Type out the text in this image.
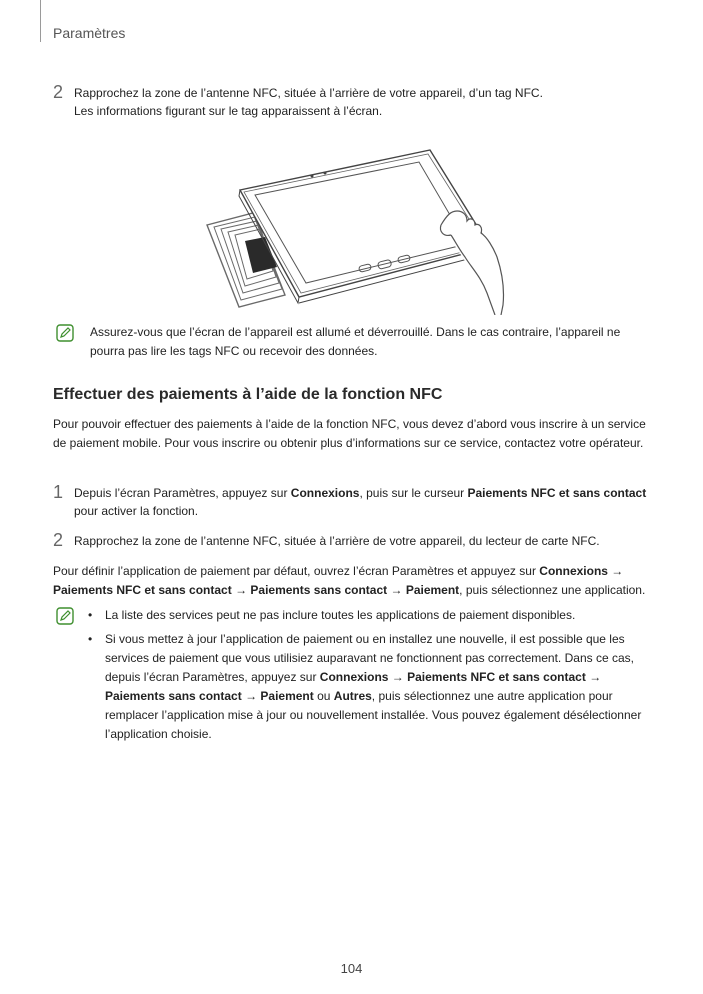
Paramètres
2 Rapprochez la zone de l’antenne NFC, située à l’arrière de votre appareil, d’un tag NFC.
Les informations figurant sur le tag apparaissent à l’écran.
Assurez-vous que l’écran de l’appareil est allumé et déverrouillé. Dans le cas contraire, l’appareil ne pourra pas lire les tags NFC ou recevoir des données.
Effectuer des paiements à l’aide de la fonction NFC
Pour pouvoir effectuer des paiements à l’aide de la fonction NFC, vous devez d’abord vous inscrire à un service de paiement mobile. Pour vous inscrire ou obtenir plus d’informations sur ce service, contactez votre opérateur.
1 Depuis l’écran Paramètres, appuyez sur Connexions, puis sur le curseur Paiements NFC et sans contact pour activer la fonction.
2 Rapprochez la zone de l’antenne NFC, située à l’arrière de votre appareil, du lecteur de carte NFC.
Pour définir l’application de paiement par défaut, ouvrez l’écran Paramètres et appuyez sur Connexions → Paiements NFC et sans contact → Paiements sans contact → Paiement, puis sélectionnez une application.
• La liste des services peut ne pas inclure toutes les applications de paiement disponibles.
• Si vous mettez à jour l’application de paiement ou en installez une nouvelle, il est possible que les services de paiement que vous utilisiez auparavant ne fonctionnent pas correctement. Dans ce cas, depuis l’écran Paramètres, appuyez sur Connexions → Paiements NFC et sans contact → Paiements sans contact → Paiement ou Autres, puis sélectionnez une autre application pour remplacer l’application mise à jour ou nouvellement installée. Vous pouvez également désélectionner l’application choisie.
104
